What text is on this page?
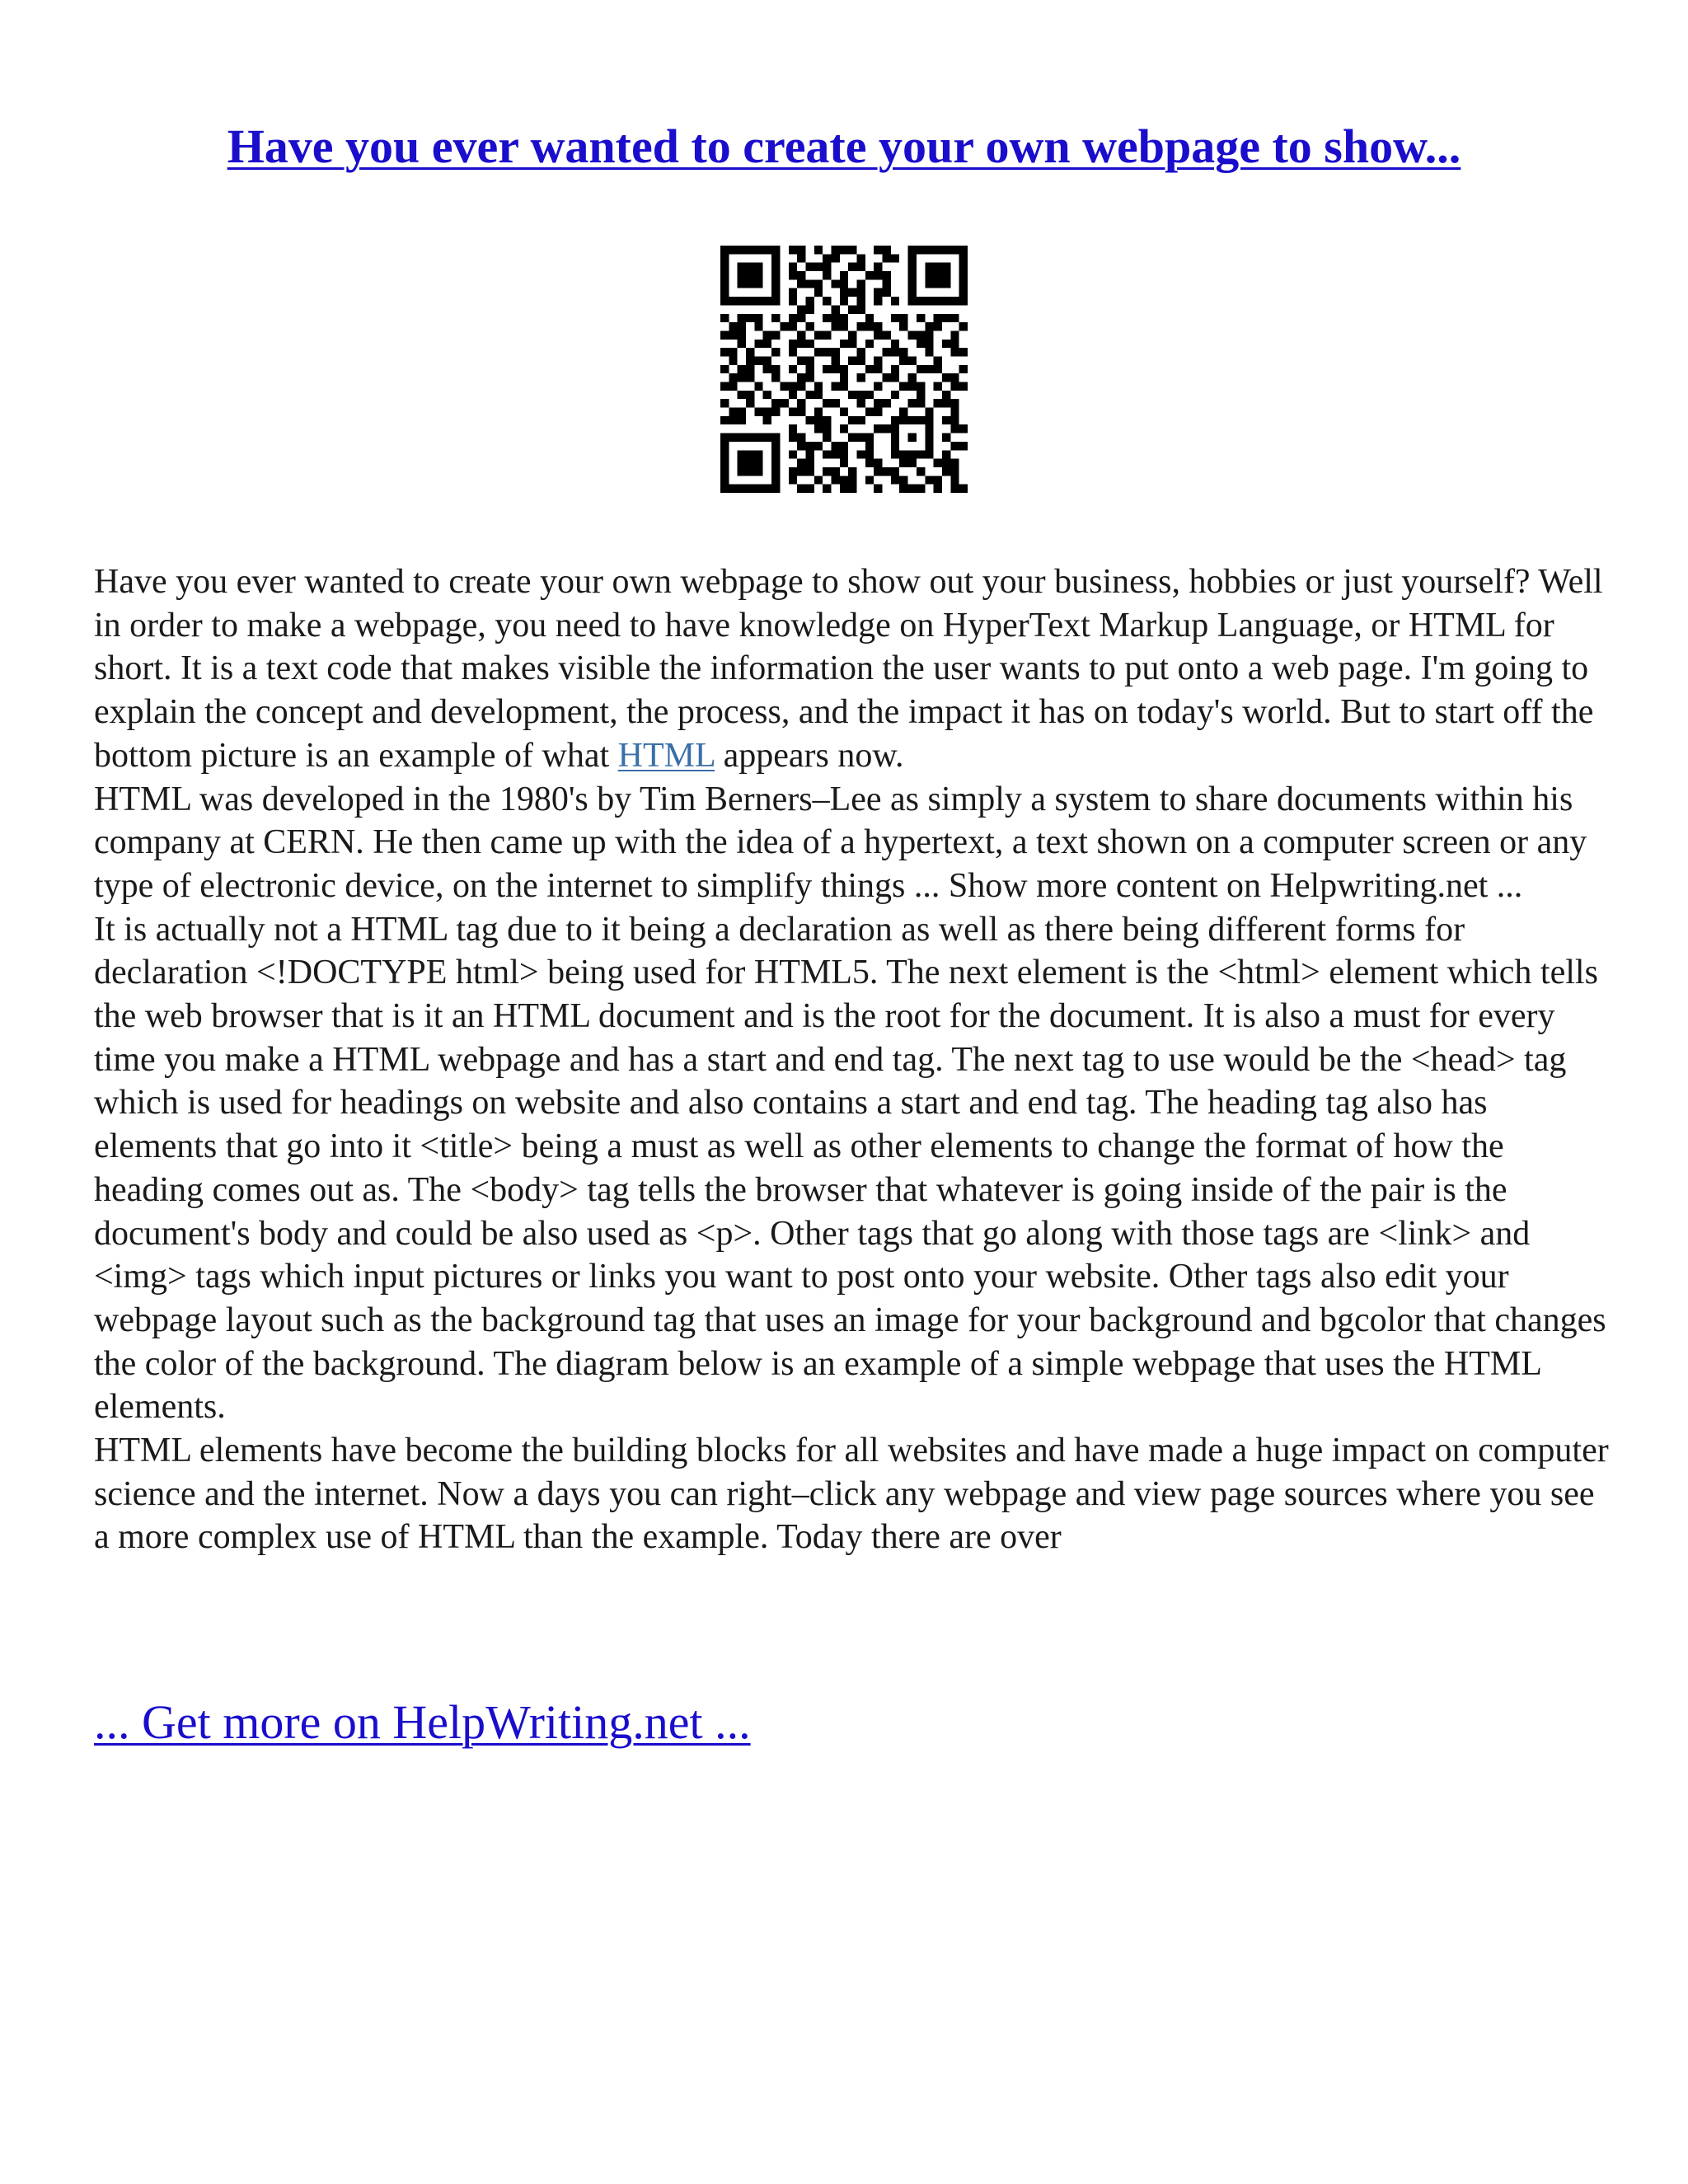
Have you ever wanted to create your own webpage to show...

Have you ever wanted to create your own webpage to show out your business, hobbies or just yourself? Well in order to make a webpage, you need to have knowledge on HyperText Markup Language, or HTML for short. It is a text code that makes visible the information the user wants to put onto a web page. I'm going to explain the concept and development, the process, and the impact it has on today's world. But to start off the bottom picture is an example of what HTML appears now.

HTML was developed in the 1980's by Tim Berners–Lee as simply a system to share documents within his company at CERN. He then came up with the idea of a hypertext, a text shown on a computer screen or any type of electronic device, on the internet to simplify things ... Show more content on Helpwriting.net ...

It is actually not a HTML tag due to it being a declaration as well as there being different forms for declaration <!DOCTYPE html> being used for HTML5. The next element is the <html> element which tells the web browser that is it an HTML document and is the root for the document. It is also a must for every time you make a HTML webpage and has a start and end tag. The next tag to use would be the <head> tag which is used for headings on website and also contains a start and end tag. The heading tag also has elements that go into it <title> being a must as well as other elements to change the format of how the heading comes out as. The <body> tag tells the browser that whatever is going inside of the pair is the document's body and could be also used as <p>. Other tags that go along with those tags are <link> and <img> tags which input pictures or links you want to post onto your website. Other tags also edit your webpage layout such as the background tag that uses an image for your background and bgcolor that changes the color of the background. The diagram below is an example of a simple webpage that uses the HTML elements.

HTML elements have become the building blocks for all websites and have made a huge impact on computer science and the internet. Now a days you can right–click any webpage and view page sources where you see a more complex use of HTML than the example. Today there are over

... Get more on HelpWriting.net ...
